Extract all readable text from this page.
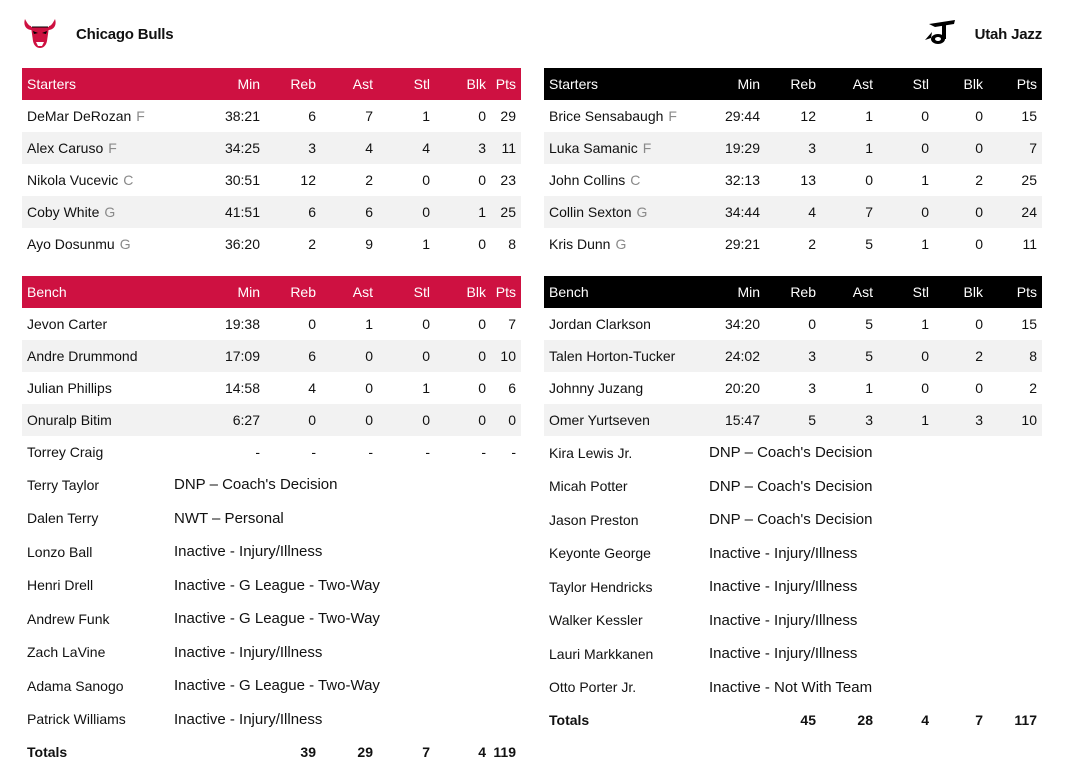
Chicago Bulls
Starters	Min	Reb	Ast	Stl	Blk	Pts
DeMar DeRozan F	38:21	6	7	1	0	29
Alex Caruso F	34:25	3	4	4	3	11
Nikola Vucevic C	30:51	12	2	0	0	23
Coby White G	41:51	6	6	0	1	25
Ayo Dosunmu G	36:20	2	9	1	0	8
Bench	Min	Reb	Ast	Stl	Blk	Pts
Jevon Carter	19:38	0	1	0	0	7
Andre Drummond	17:09	6	0	0	0	10
Julian Phillips	14:58	4	0	1	0	6
Onuralp Bitim	6:27	0	0	0	0	0
Torrey Craig	-	-	-	-	-	-
Terry Taylor	DNP – Coach's Decision					
Dalen Terry	NWT – Personal					
Lonzo Ball	Inactive - Injury/Illness					
Henri Drell	Inactive - G League - Two-Way					
Andrew Funk	Inactive - G League - Two-Way					
Zach LaVine	Inactive - Injury/Illness					
Adama Sanogo	Inactive - G League - Two-Way					
Patrick Williams	Inactive - Injury/Illness					
Totals		39	29	7	4	119
Utah Jazz
Starters	Min	Reb	Ast	Stl	Blk	Pts
Brice Sensabaugh F	29:44	12	1	0	0	15
Luka Samanic F	19:29	3	1	0	0	7
John Collins C	32:13	13	0	1	2	25
Collin Sexton G	34:44	4	7	0	0	24
Kris Dunn G	29:21	2	5	1	0	11
Bench	Min	Reb	Ast	Stl	Blk	Pts
Jordan Clarkson	34:20	0	5	1	0	15
Talen Horton-Tucker	24:02	3	5	0	2	8
Johnny Juzang	20:20	3	1	0	0	2
Omer Yurtseven	15:47	5	3	1	3	10
Kira Lewis Jr.	DNP – Coach's Decision					
Micah Potter	DNP – Coach's Decision					
Jason Preston	DNP – Coach's Decision					
Keyonte George	Inactive - Injury/Illness					
Taylor Hendricks	Inactive - Injury/Illness					
Walker Kessler	Inactive - Injury/Illness					
Lauri Markkanen	Inactive - Injury/Illness					
Otto Porter Jr.	Inactive - Not With Team					
Totals		45	28	4	7	117
